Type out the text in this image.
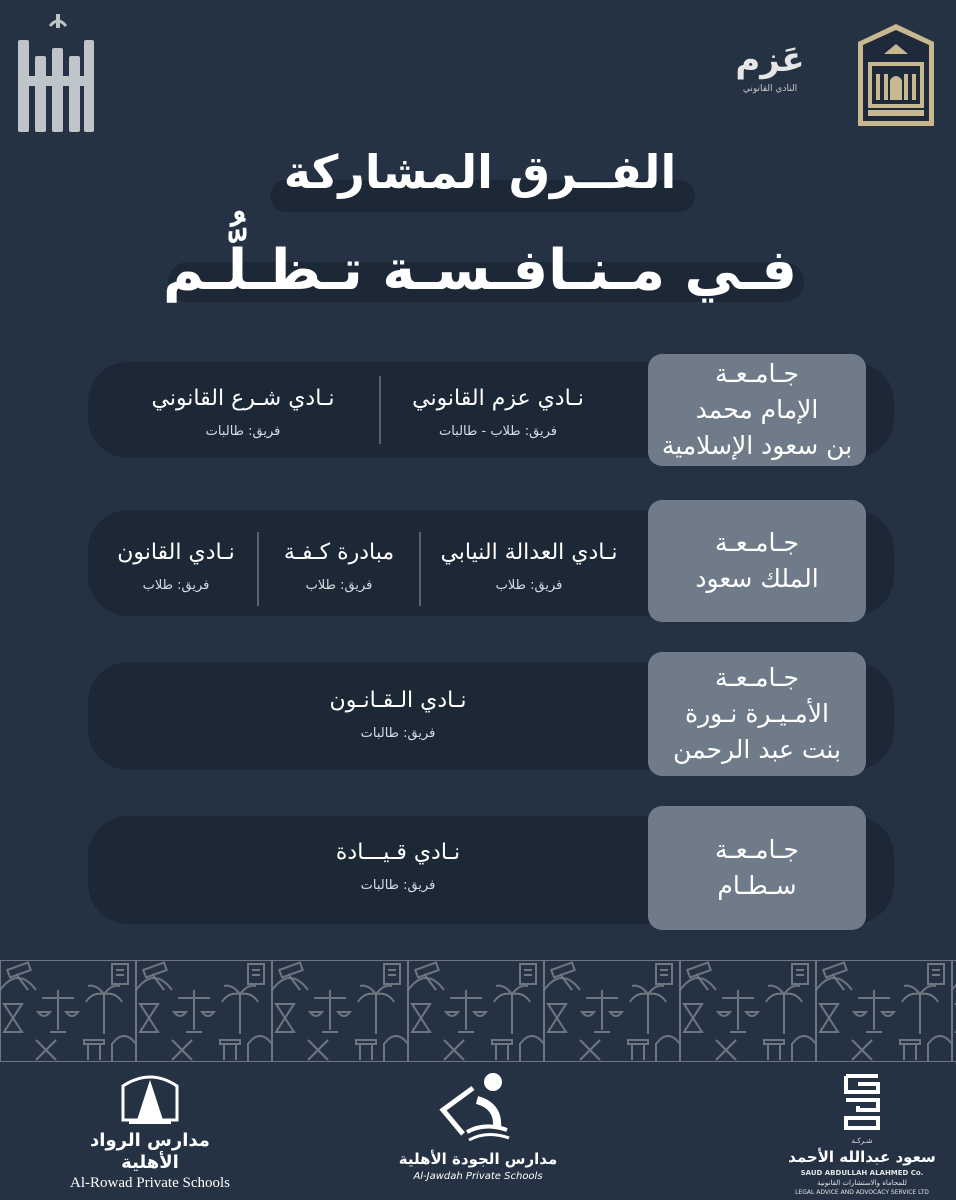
عَزم
النادي القانوني
الفــرق المشاركة
فـي مـنـافـسـة تـظـلُّـم
نـادي عزم القانوني
فريق: طلاب - طالبات
نـادي شـرع القانوني
فريق: طالبات
جـامـعـة
الإمام محمد
بن سعود الإسلامية
نـادي العدالة النيابي
فريق: طلاب
مبادرة كـفـة
فريق: طلاب
نـادي القانون
فريق: طلاب
جـامـعـة
الملك سعود
نـادي الـقـانـون
فريق: طالبات
جـامـعـة
الأمـيـرة نـورة
بنت عبد الرحمن
نـادي قـيـــادة
فريق: طالبات
جـامـعـة
سـطـام
مدارس الرواد الأهلية
Al-Rowad Private Schools
مدارس الجودة الأهلية
Al-Jawdah Private Schools
شـركـة
سعود عبدالله الأحمد
SAUD ABDULLAH ALAHMED Co.
للمحاماة والاستشارات القانونية
LEGAL ADVICE AND ADVOCACY SERVICE LTD
